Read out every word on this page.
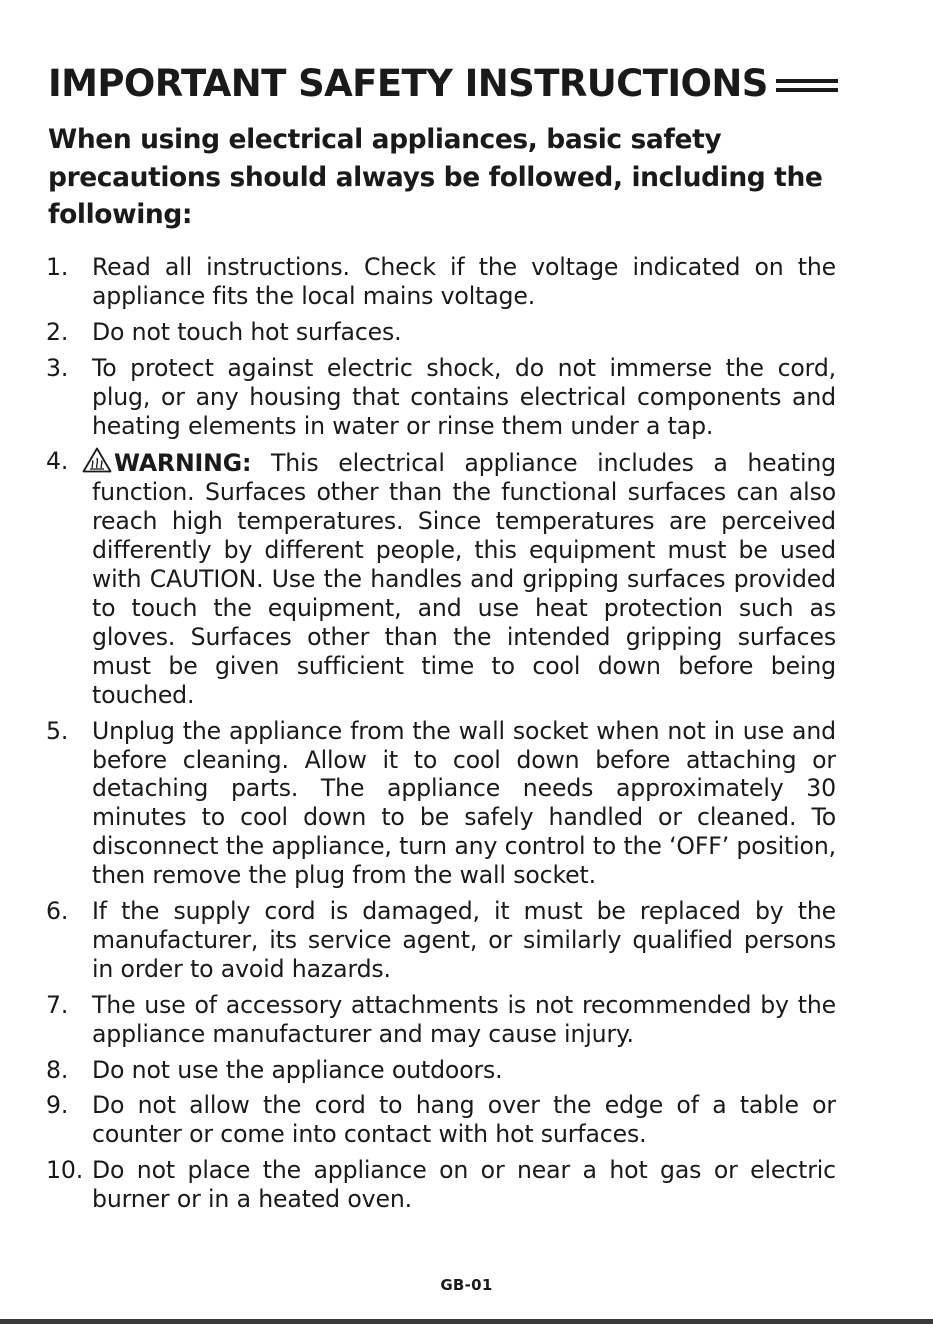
IMPORTANT SAFETY INSTRUCTIONS
When using electrical appliances, basic safety precautions should always be followed, including the following:
1.	Read all instructions. Check if the voltage indicated on the appliance fits the local mains voltage.
2.	Do not touch hot surfaces.
3.	To protect against electric shock, do not immerse the cord, plug, or any housing that contains electrical components and heating elements in water or rinse them under a tap.
4.	WARNING: This electrical appliance includes a heating function. Surfaces other than the functional surfaces can also reach high temperatures. Since temperatures are perceived differently by different people, this equipment must be used with CAUTION. Use the handles and gripping surfaces provided to touch the equipment, and use heat protection such as gloves. Surfaces other than the intended gripping surfaces must be given sufficient time to cool down before being touched.
5.	Unplug the appliance from the wall socket when not in use and before cleaning. Allow it to cool down before attaching or detaching parts. The appliance needs approximately 30 minutes to cool down to be safely handled or cleaned. To disconnect the appliance, turn any control to the ‘OFF’ position, then remove the plug from the wall socket.
6.	If the supply cord is damaged, it must be replaced by the manufacturer, its service agent, or similarly qualified persons in order to avoid hazards.
7.	The use of accessory attachments is not recommended by the appliance manufacturer and may cause injury.
8.	Do not use the appliance outdoors.
9.	Do not allow the cord to hang over the edge of a table or counter or come into contact with hot surfaces.
10. Do not place the appliance on or near a hot gas or electric burner or in a heated oven.
GB-01
